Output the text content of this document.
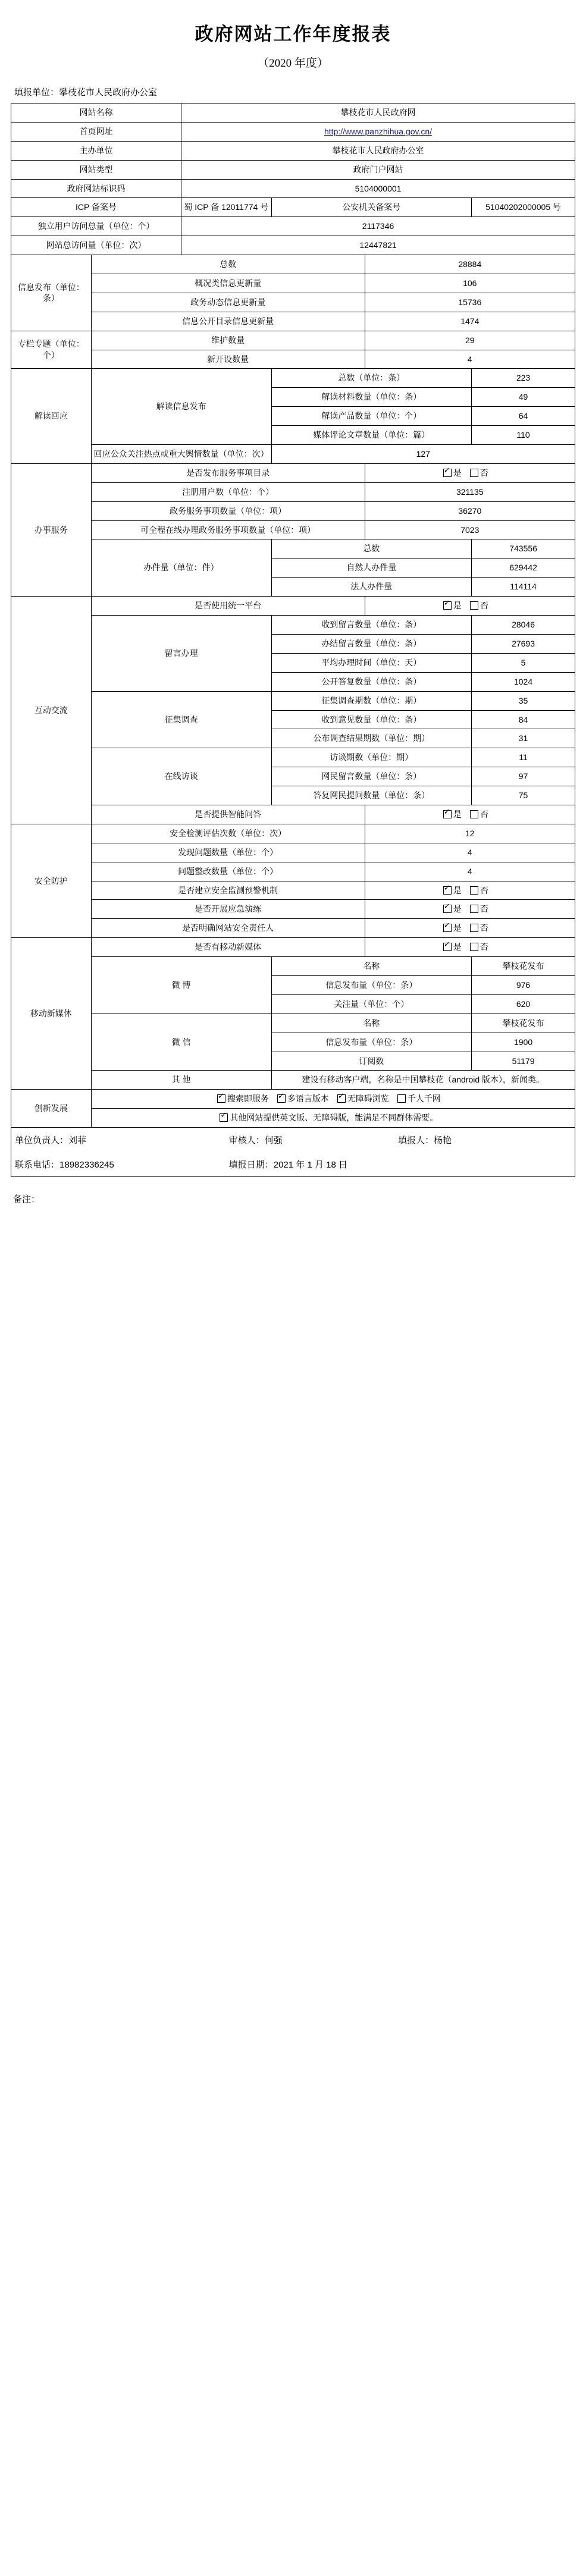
政府网站工作年度报表
（2020 年度）
填报单位：攀枝花市人民政府办公室
网站名称		攀枝花市人民政府网			
首页网址		http://www.panzhihua.gov.cn/			
主办单位		攀枝花市人民政府办公室			
网站类型		政府门户网站			
政府网站标识码		5104000001			
ICP 备案号		蜀 ICP 备 12011774 号	公安机关备案号		51040202000005 号
独立用户访问总量（单位：个）		2117346			
网站总访问量（单位：次）		12447821			
信息发布（单位：条）	总数			28884	
	概况类信息更新量			106	
	政务动态信息更新量			15736	
	信息公开目录信息更新量			1474	
专栏专题（单位：个）	维护数量			29	
	新开设数量			4	
解读回应	解读信息发布		总数（单位：条）		223
			解读材料数量（单位：条）		49
			解读产品数量（单位：个）		64
			媒体评论文章数量（单位：篇）		110
	回应公众关注热点或重大舆情数量（单位：次）		127		
办事服务	是否发布服务事项目录	✓是 否
	注册用户数（单位：个）			321135	
	政务服务事项数量（单位：项）			36270	
	可全程在线办理政务服务事项数量（单位：项）			7023	
	办件量（单位：件）		总数		743556
			自然人办件量		629442
			法人办件量		114114
互动交流	是否使用统一平台	✓是 否
	留言办理		收到留言数量（单位：条）		28046
			办结留言数量（单位：条）		27693
			平均办理时间（单位：天）		5
			公开答复数量（单位：条）		1024
	征集调查		征集调查期数（单位：期）		35
			收到意见数量（单位：条）		84
			公布调查结果期数（单位：期）		31
	在线访谈		访谈期数（单位：期）		11
			网民留言数量（单位：条）		97
			答复网民提问数量（单位：条）		75
	是否提供智能问答	✓是 否
安全防护	安全检测评估次数（单位：次）			12	
	发现问题数量（单位：个）			4	
	问题整改数量（单位：个）			4	
	是否建立安全监测预警机制	✓是 否
	是否开展应急演练	✓是 否
	是否明确网站安全责任人	✓是 否
移动新媒体	是否有移动新媒体	✓是 否
	微 博		名称		攀枝花发布
			信息发布量（单位：条）		976
			关注量（单位：个）		620
	微 信		名称		攀枝花发布
			信息发布量（单位：条）		1900
			订阅数		51179
	其 他		建设有移动客户端，名称是中国攀枝花（android 版本），新闻类。		
创新发展	✓搜索即服务 ✓ 多语言版本 ✓ 无障碍浏览 千人千网
✓其他网站提供英文版、无障碍版，能满足不同群体需要。
单位负责人：刘菲	审核人：何强	填报人：杨艳
联系电话：18982336245	填报日期：2021 年 1 月 18 日	
备注：
